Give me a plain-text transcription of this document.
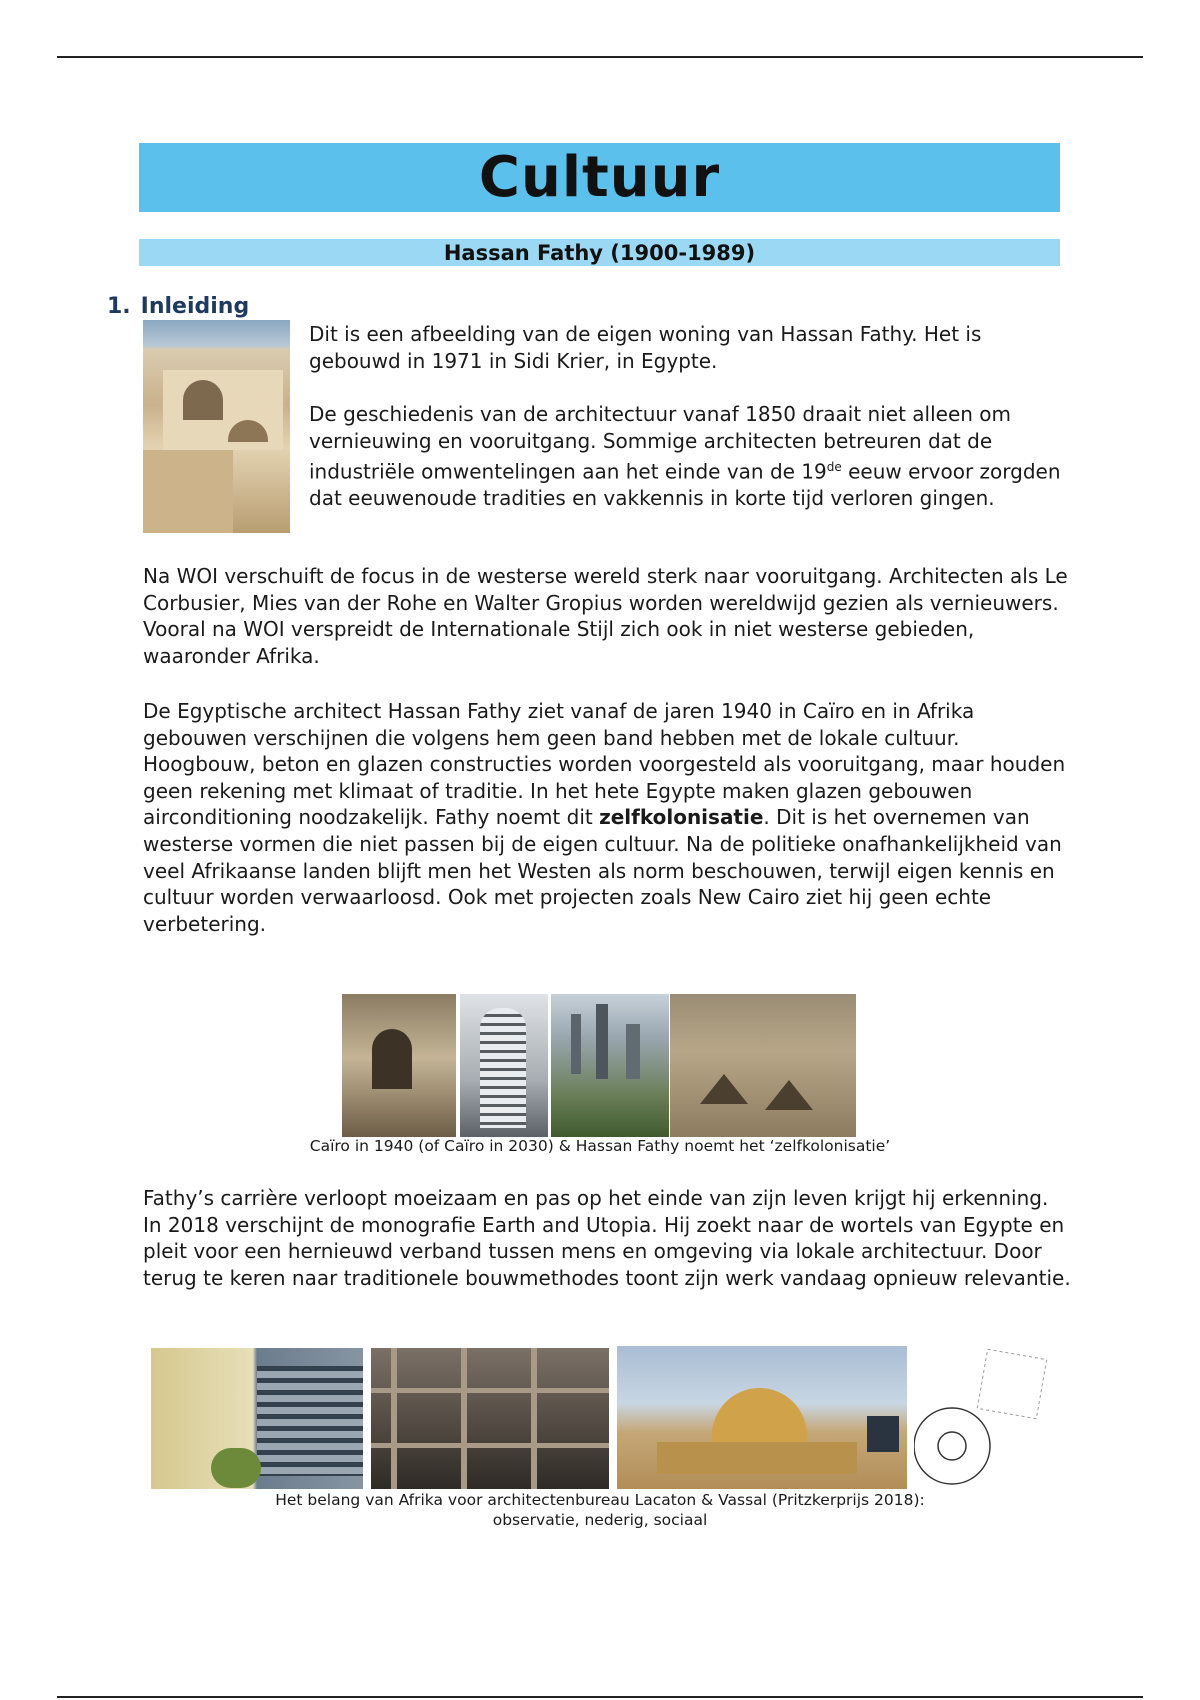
Cultuur
Hassan Fathy (1900-1989)
1. Inleiding

Dit is een afbeelding van de eigen woning van Hassan Fathy. Het is gebouwd in 1971 in Sidi Krier, in Egypte.

De geschiedenis van de architectuur vanaf 1850 draait niet alleen om vernieuwing en vooruitgang. Sommige architecten betreuren dat de industriële omwentelingen aan het einde van de 19de eeuw ervoor zorgden dat eeuwenoude tradities en vakkennis in korte tijd verloren gingen.

Na WOI verschuift de focus in de westerse wereld sterk naar vooruitgang. Architecten als Le Corbusier, Mies van der Rohe en Walter Gropius worden wereldwijd gezien als vernieuwers. Vooral na WOI verspreidt de Internationale Stijl zich ook in niet westerse gebieden, waaronder Afrika.

De Egyptische architect Hassan Fathy ziet vanaf de jaren 1940 in Caïro en in Afrika gebouwen verschijnen die volgens hem geen band hebben met de lokale cultuur. Hoogbouw, beton en glazen constructies worden voorgesteld als vooruitgang, maar houden geen rekening met klimaat of traditie. In het hete Egypte maken glazen gebouwen airconditioning noodzakelijk. Fathy noemt dit zelfkolonisatie. Dit is het overnemen van westerse vormen die niet passen bij de eigen cultuur. Na de politieke onafhankelijkheid van veel Afrikaanse landen blijft men het Westen als norm beschouwen, terwijl eigen kennis en cultuur worden verwaarloosd. Ook met projecten zoals New Cairo ziet hij geen echte verbetering.

Caïro in 1940 (of Caïro in 2030) & Hassan Fathy noemt het ‘zelfkolonisatie’

Fathy’s carrière verloopt moeizaam en pas op het einde van zijn leven krijgt hij erkenning. In 2018 verschijnt de monografie Earth and Utopia. Hij zoekt naar de wortels van Egypte en pleit voor een hernieuwd verband tussen mens en omgeving via lokale architectuur. Door terug te keren naar traditionele bouwmethodes toont zijn werk vandaag opnieuw relevantie.

Het belang van Afrika voor architectenbureau Lacaton & Vassal (Pritzkerprijs 2018):
observatie, nederig, sociaal
